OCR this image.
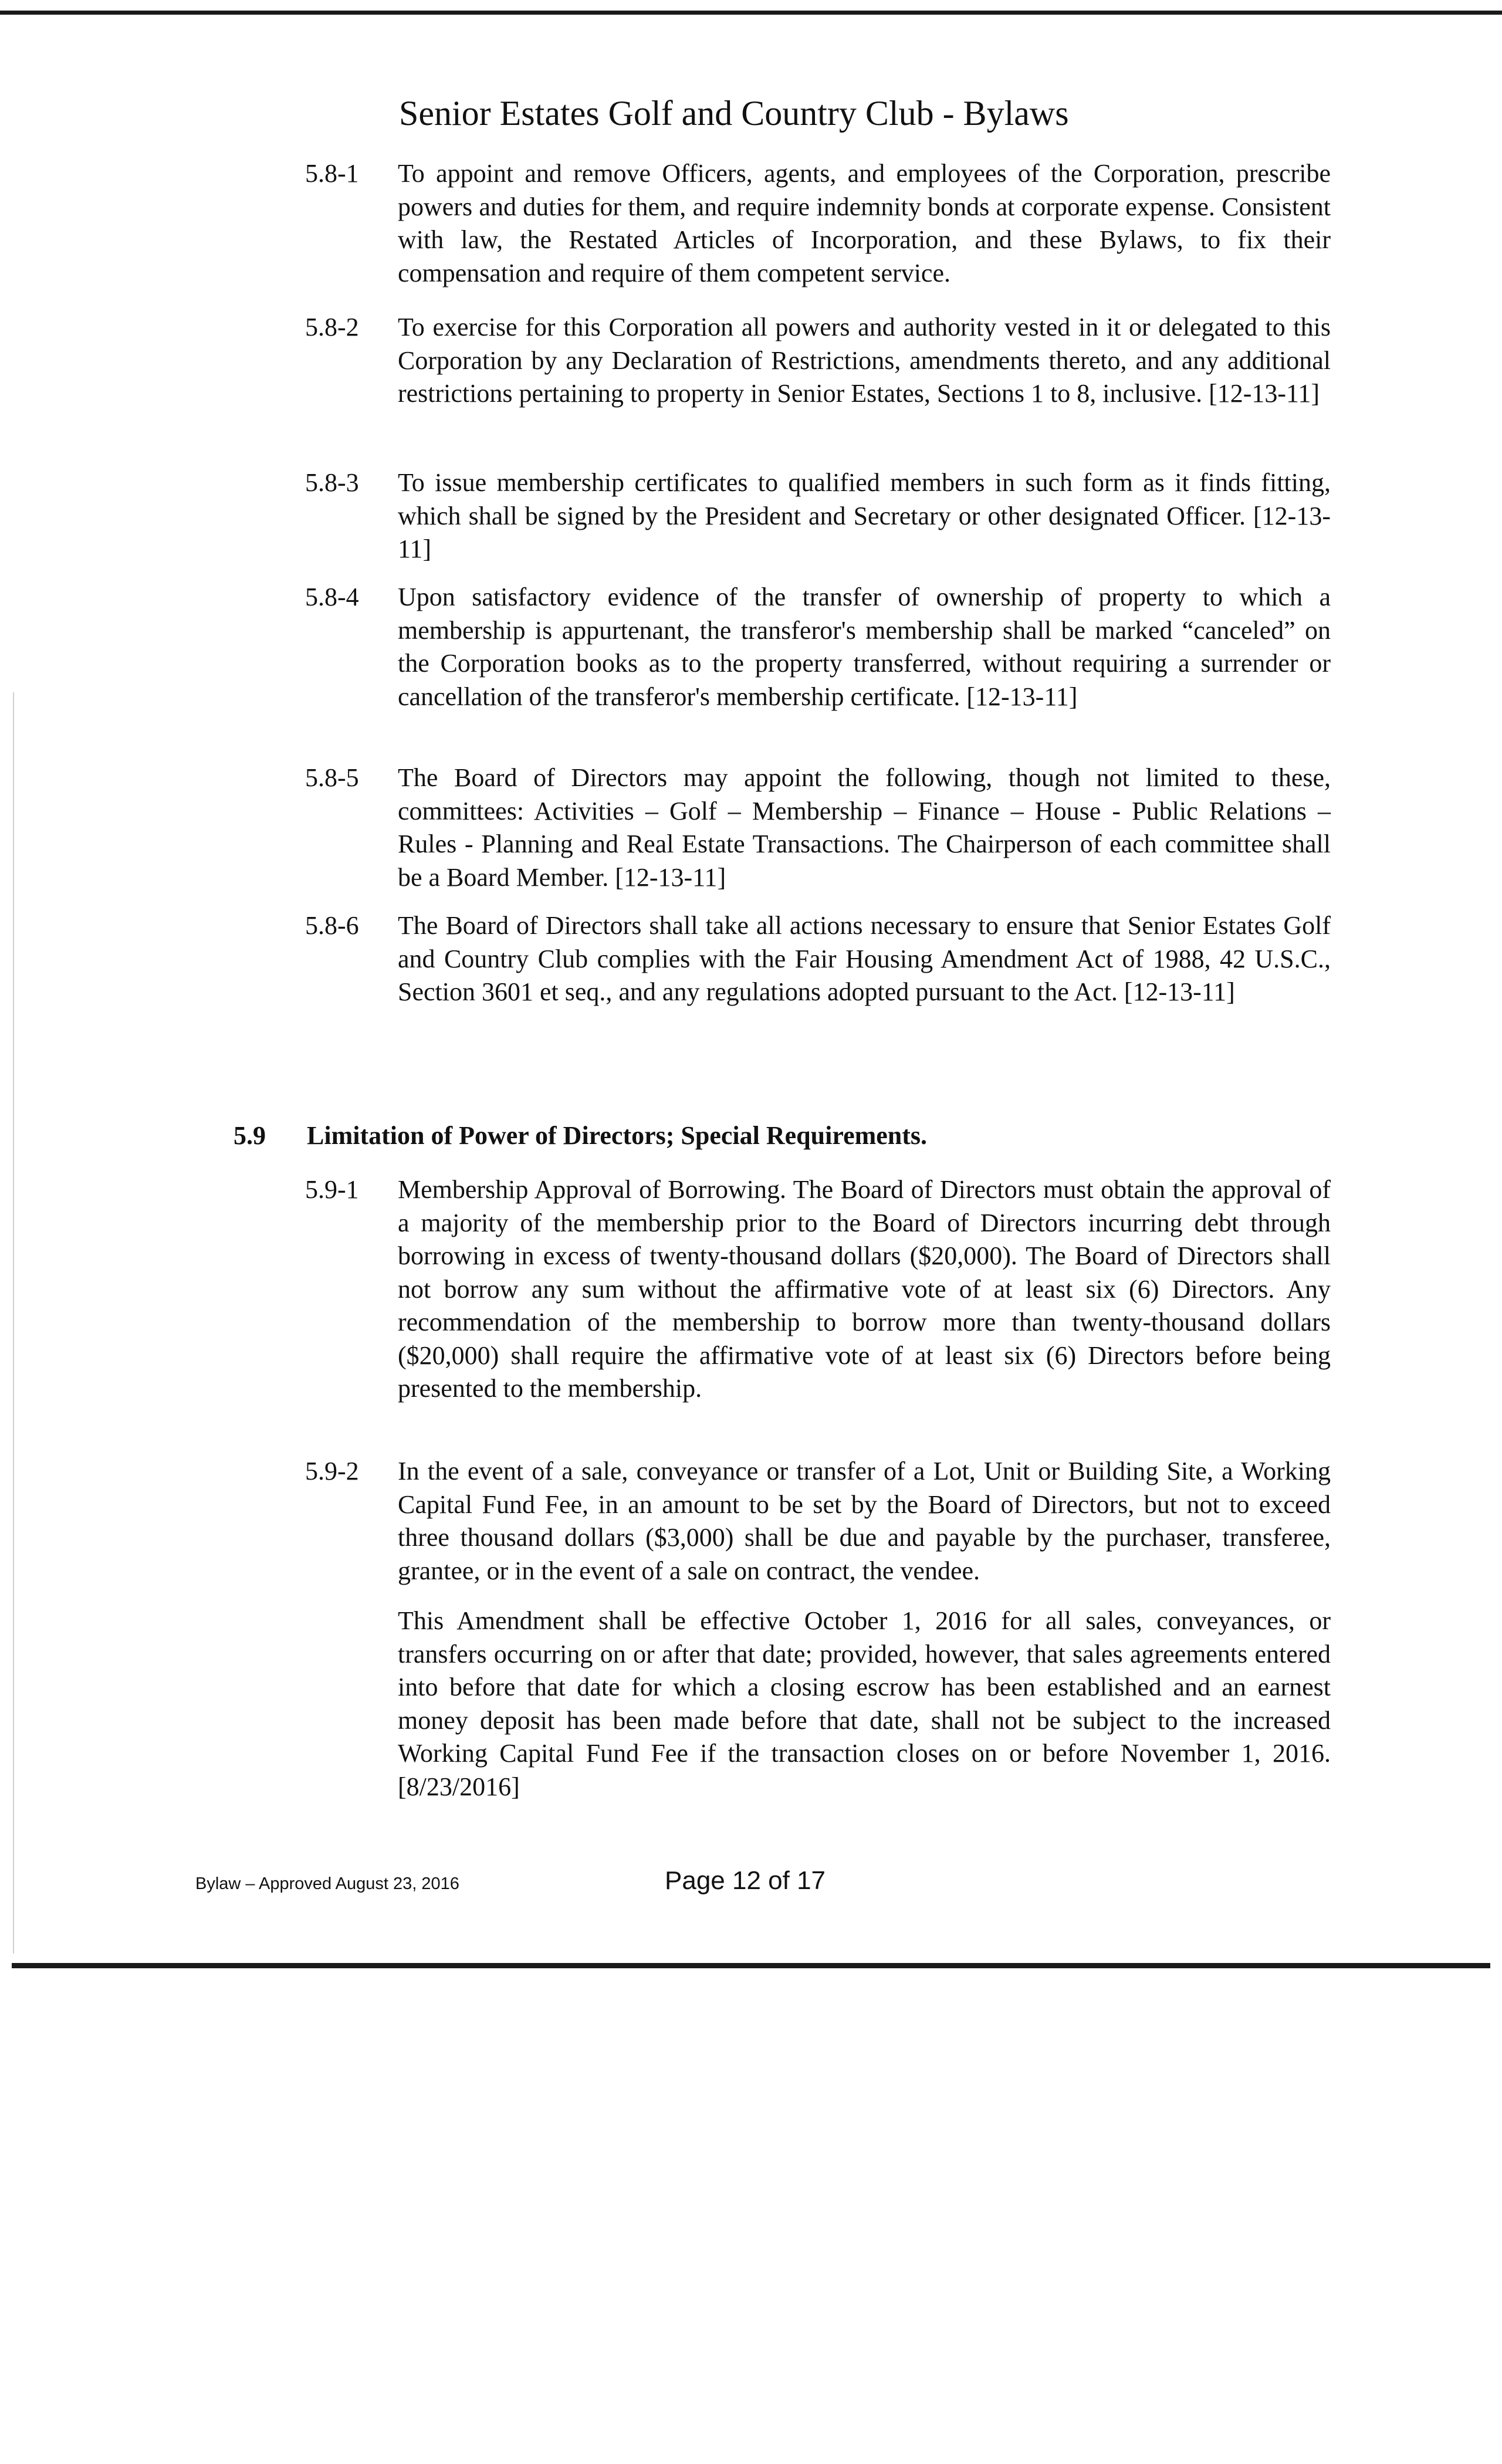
Senior Estates Golf and Country Club - Bylaws
5.8-1 To appoint and remove Officers, agents, and employees of the Corporation, prescribe powers and duties for them, and require indemnity bonds at corporate expense. Consistent with law, the Restated Articles of Incorporation, and these Bylaws, to fix their compensation and require of them competent service.
5.8-2 To exercise for this Corporation all powers and authority vested in it or delegated to this Corporation by any Declaration of Restrictions, amendments thereto, and any additional restrictions pertaining to property in Senior Estates, Sections 1 to 8, inclusive. [12-13-11]
5.8-3 To issue membership certificates to qualified members in such form as it finds fitting, which shall be signed by the President and Secretary or other designated Officer. [12-13-11]
5.8-4 Upon satisfactory evidence of the transfer of ownership of property to which a membership is appurtenant, the transferor's membership shall be marked “canceled” on the Corporation books as to the property transferred, without requiring a surrender or cancellation of the transferor's membership certificate. [12-13-11]
5.8-5 The Board of Directors may appoint the following, though not limited to these, committees: Activities – Golf – Membership – Finance – House - Public Relations – Rules - Planning and Real Estate Transactions. The Chairperson of each committee shall be a Board Member. [12-13-11]
5.8-6 The Board of Directors shall take all actions necessary to ensure that Senior Estates Golf and Country Club complies with the Fair Housing Amendment Act of 1988, 42 U.S.C., Section 3601 et seq., and any regulations adopted pursuant to the Act. [12-13-11]
5.9 Limitation of Power of Directors; Special Requirements.
5.9-1 Membership Approval of Borrowing. The Board of Directors must obtain the approval of a majority of the membership prior to the Board of Directors incurring debt through borrowing in excess of twenty-thousand dollars ($20,000). The Board of Directors shall not borrow any sum without the affirmative vote of at least six (6) Directors. Any recommendation of the membership to borrow more than twenty-thousand dollars ($20,000) shall require the affirmative vote of at least six (6) Directors before being presented to the membership.
5.9-2 In the event of a sale, conveyance or transfer of a Lot, Unit or Building Site, a Working Capital Fund Fee, in an amount to be set by the Board of Directors, but not to exceed three thousand dollars ($3,000) shall be due and payable by the purchaser, transferee, grantee, or in the event of a sale on contract, the vendee.
This Amendment shall be effective October 1, 2016 for all sales, conveyances, or transfers occurring on or after that date; provided, however, that sales agreements entered into before that date for which a closing escrow has been established and an earnest money deposit has been made before that date, shall not be subject to the increased Working Capital Fund Fee if the transaction closes on or before November 1, 2016. [8/23/2016]
Bylaw – Approved August 23, 2016	Page 12 of 17
